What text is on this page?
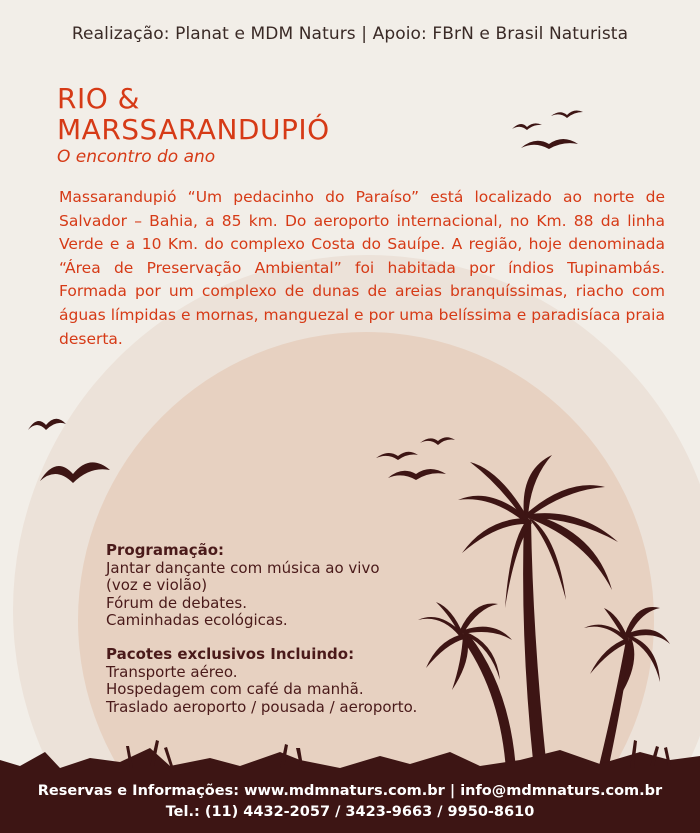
Realização: Planat e MDM Naturs | Apoio: FBrN e Brasil Naturista
RIO &
MARSSARANDUPIÓ
O encontro do ano
Massarandupió “Um pedacinho do Paraíso” está localizado ao norte de Salvador – Bahia, a 85 km. Do aeroporto internacional, no Km. 88 da linha Verde e a 10 Km. do complexo Costa do Sauípe. A região, hoje denominada “Área de Preservação Ambiental” foi habitada por índios Tupinambás. Formada por um complexo de dunas de areias branquíssimas, riacho com águas límpidas e mornas, manguezal e por uma belíssima e paradisíaca praia deserta.
Programação:
Jantar dançante com música ao vivo
(voz e violão)
Fórum de debates.
Caminhadas ecológicas.
Pacotes exclusivos Incluindo:
Transporte aéreo.
Hospedagem com café da manhã.
Traslado aeroporto / pousada / aeroporto.
Reservas e Informações: www.mdmnaturs.com.br | info@mdmnaturs.com.br
Tel.: (11) 4432-2057 / 3423-9663 / 9950-8610
